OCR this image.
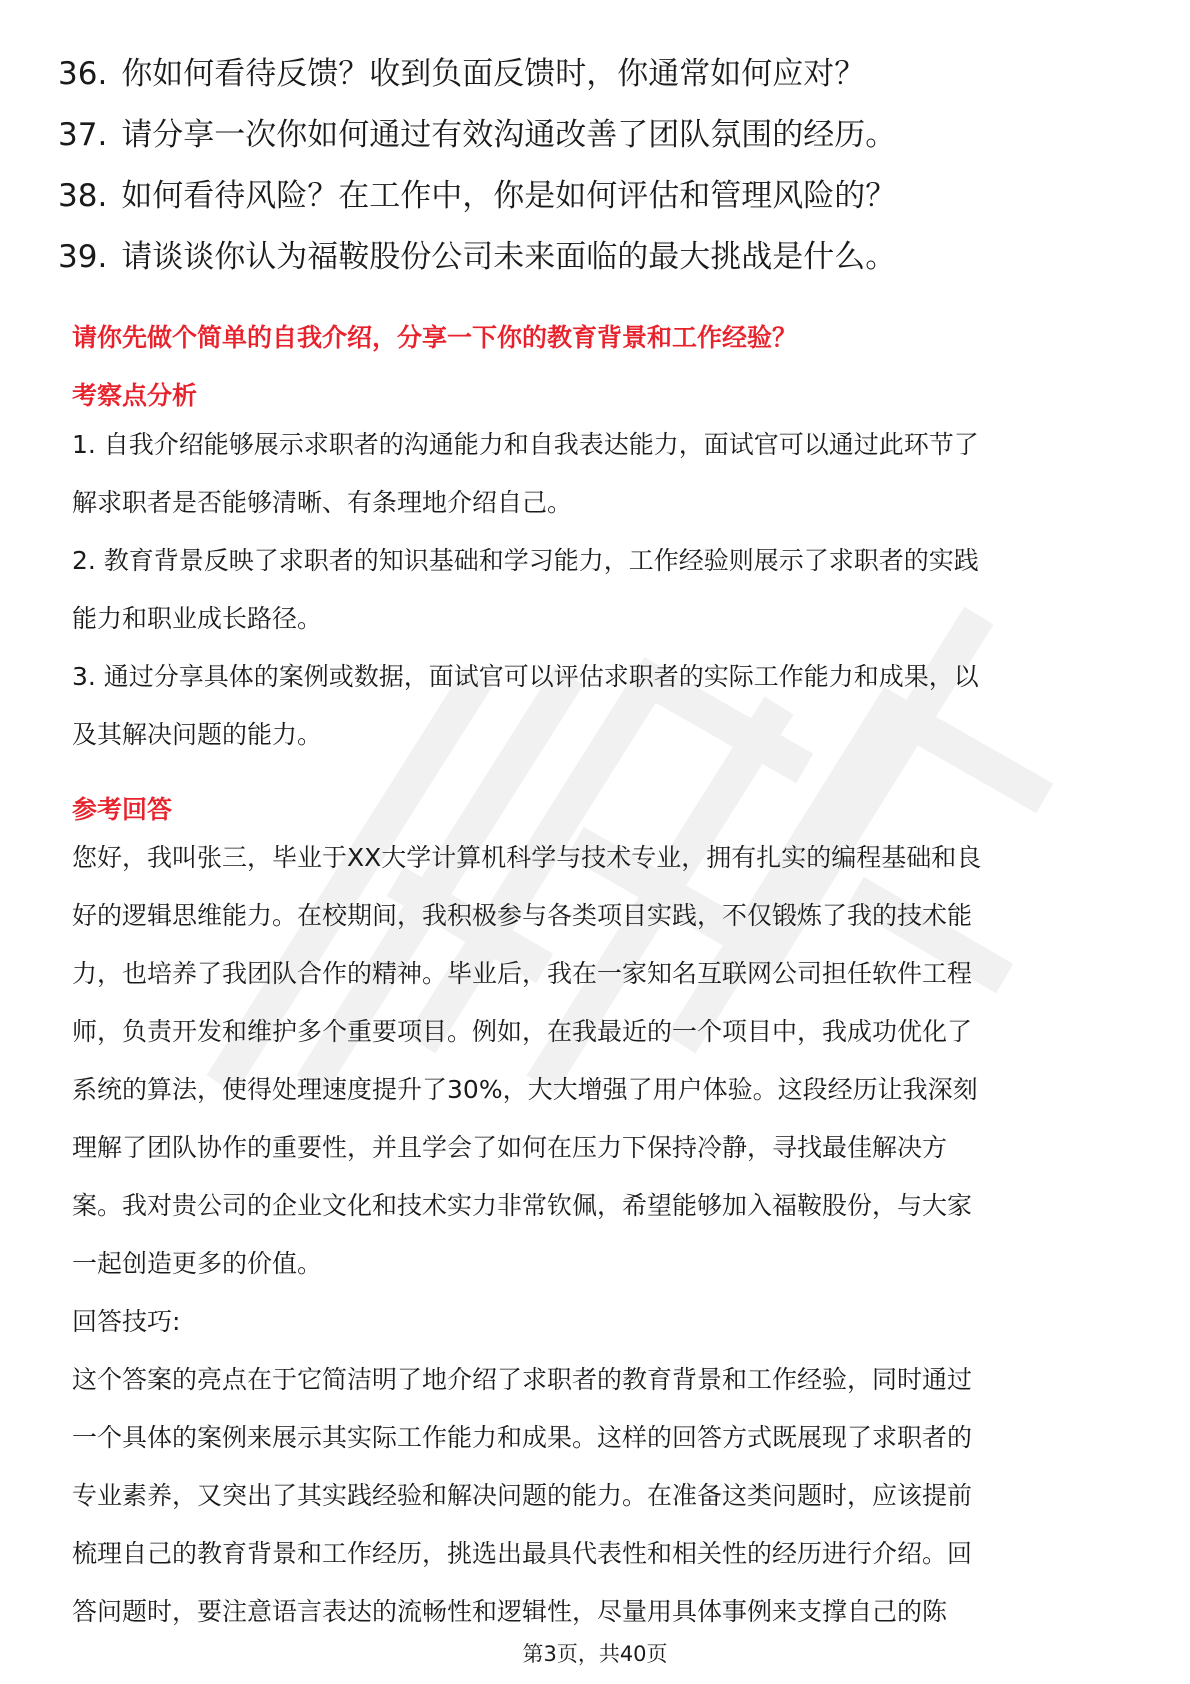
36. 你如何看待反馈？收到负面反馈时，你通常如何应对？
37. 请分享一次你如何通过有效沟通改善了团队氛围的经历。
38. 如何看待风险？在工作中，你是如何评估和管理风险的？
39. 请谈谈你认为福鞍股份公司未来面临的最大挑战是什么。
请你先做个简单的自我介绍，分享一下你的教育背景和工作经验？
考察点分析
1. 自我介绍能够展示求职者的沟通能力和自我表达能力，面试官可以通过此环节了
解求职者是否能够清晰、有条理地介绍自己。
2. 教育背景反映了求职者的知识基础和学习能力，工作经验则展示了求职者的实践
能力和职业成长路径。
3. 通过分享具体的案例或数据，面试官可以评估求职者的实际工作能力和成果，以
及其解决问题的能力。
参考回答
您好，我叫张三，毕业于XX大学计算机科学与技术专业，拥有扎实的编程基础和良
好的逻辑思维能力。在校期间，我积极参与各类项目实践，不仅锻炼了我的技术能
力，也培养了我团队合作的精神。毕业后，我在一家知名互联网公司担任软件工程
师，负责开发和维护多个重要项目。例如，在我最近的一个项目中，我成功优化了
系统的算法，使得处理速度提升了30%，大大增强了用户体验。这段经历让我深刻
理解了团队协作的重要性，并且学会了如何在压力下保持冷静，寻找最佳解决方
案。我对贵公司的企业文化和技术实力非常钦佩，希望能够加入福鞍股份，与大家
一起创造更多的价值。
回答技巧:
这个答案的亮点在于它简洁明了地介绍了求职者的教育背景和工作经验，同时通过
一个具体的案例来展示其实际工作能力和成果。这样的回答方式既展现了求职者的
专业素养，又突出了其实践经验和解决问题的能力。在准备这类问题时，应该提前
梳理自己的教育背景和工作经历，挑选出最具代表性和相关性的经历进行介绍。回
答问题时，要注意语言表达的流畅性和逻辑性，尽量用具体事例来支撑自己的陈
第3页，共40页
